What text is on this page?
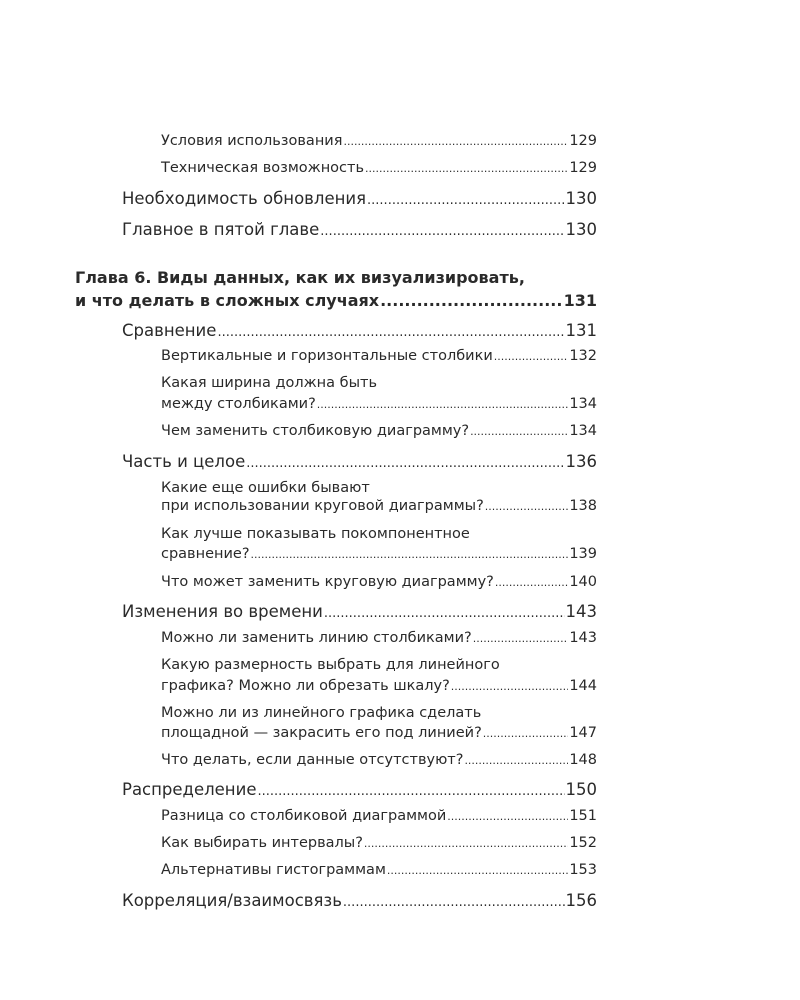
Условия использования .....	129
Техническая возможность .....	129
Необходимость обновления .....	130
Главное в пятой главе .....	130
Глава 6. Виды данных, как их визуализировать,
и что делать в сложных случаях .....	131
Сравнение .....	131
Вертикальные и горизонтальные столбики .....	132
Какая ширина должна быть
между столбиками? .....	134
Чем заменить столбиковую диаграмму? .....	134
Часть и целое .....	136
Какие еще ошибки бывают
при использовании круговой диаграммы? .....	138
Как лучше показывать покомпонентное
сравнение? .....	139
Что может заменить круговую диаграмму? .....	140
Изменения во времени .....	143
Можно ли заменить линию столбиками? .....	143
Какую размерность выбрать для линейного
графика? Можно ли обрезать шкалу? .....	144
Можно ли из линейного графика сделать
площадной — закрасить его под линией? .....	147
Что делать, если данные отсутствуют? .....	148
Распределение .....	150
Разница со столбиковой диаграммой .....	151
Как выбирать интервалы? .....	152
Альтернативы гистограммам .....	153
Корреляция/взаимосвязь .....	156
